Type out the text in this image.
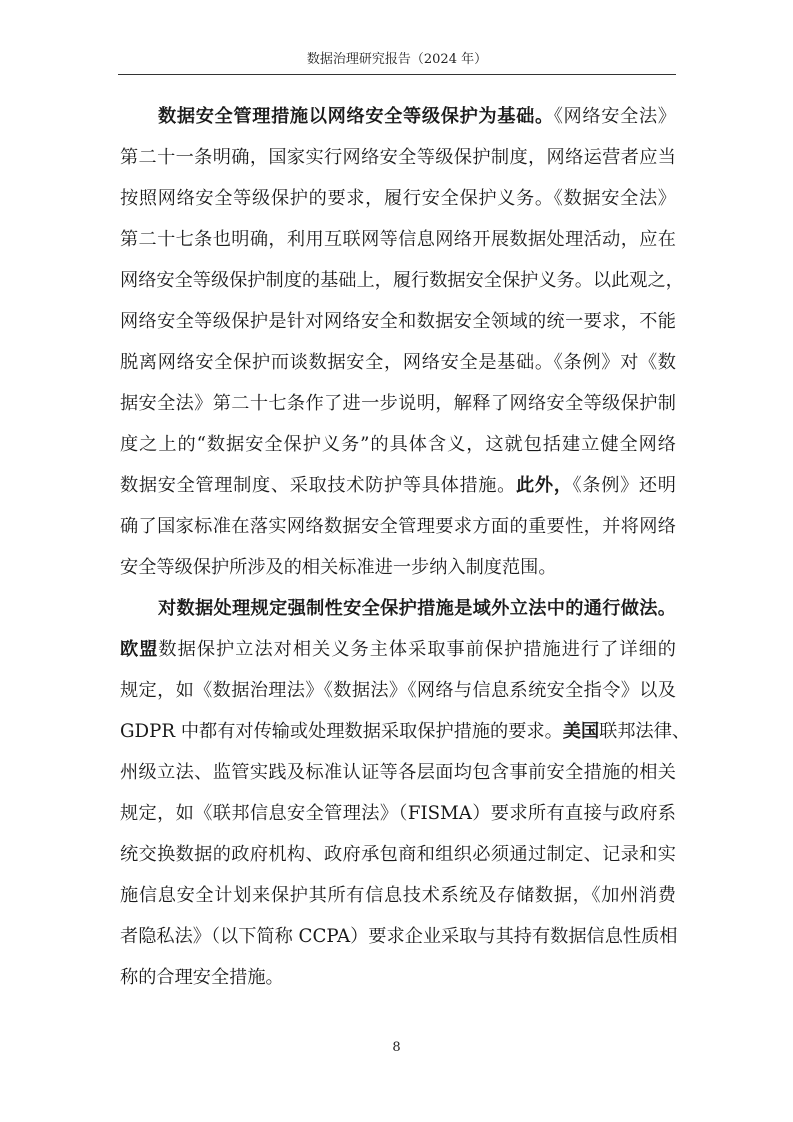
数据治理研究报告（2024 年）
数据安全管理措施以网络安全等级保护为基础。《网络安全法》
第二十一条明确，国家实行网络安全等级保护制度，网络运营者应当
按照网络安全等级保护的要求，履行安全保护义务。《数据安全法》
第二十七条也明确，利用互联网等信息网络开展数据处理活动，应在
网络安全等级保护制度的基础上，履行数据安全保护义务。以此观之，
网络安全等级保护是针对网络安全和数据安全领域的统一要求，不能
脱离网络安全保护而谈数据安全，网络安全是基础。《条例》对《数
据安全法》第二十七条作了进一步说明，解释了网络安全等级保护制
度之上的“数据安全保护义务”的具体含义，这就包括建立健全网络
数据安全管理制度、采取技术防护等具体措施。此外，《条例》还明
确了国家标准在落实网络数据安全管理要求方面的重要性，并将网络
安全等级保护所涉及的相关标准进一步纳入制度范围。
对数据处理规定强制性安全保护措施是域外立法中的通行做法。
欧盟数据保护立法对相关义务主体采取事前保护措施进行了详细的
规定，如《数据治理法》《数据法》《网络与信息系统安全指令》以及
GDPR 中都有对传输或处理数据采取保护措施的要求。美国联邦法律、
州级立法、监管实践及标准认证等各层面均包含事前安全措施的相关
规定，如《联邦信息安全管理法》（FISMA）要求所有直接与政府系
统交换数据的政府机构、政府承包商和组织必须通过制定、记录和实
施信息安全计划来保护其所有信息技术系统及存储数据，《加州消费
者隐私法》（以下简称 CCPA）要求企业采取与其持有数据信息性质相
称的合理安全措施。
8
